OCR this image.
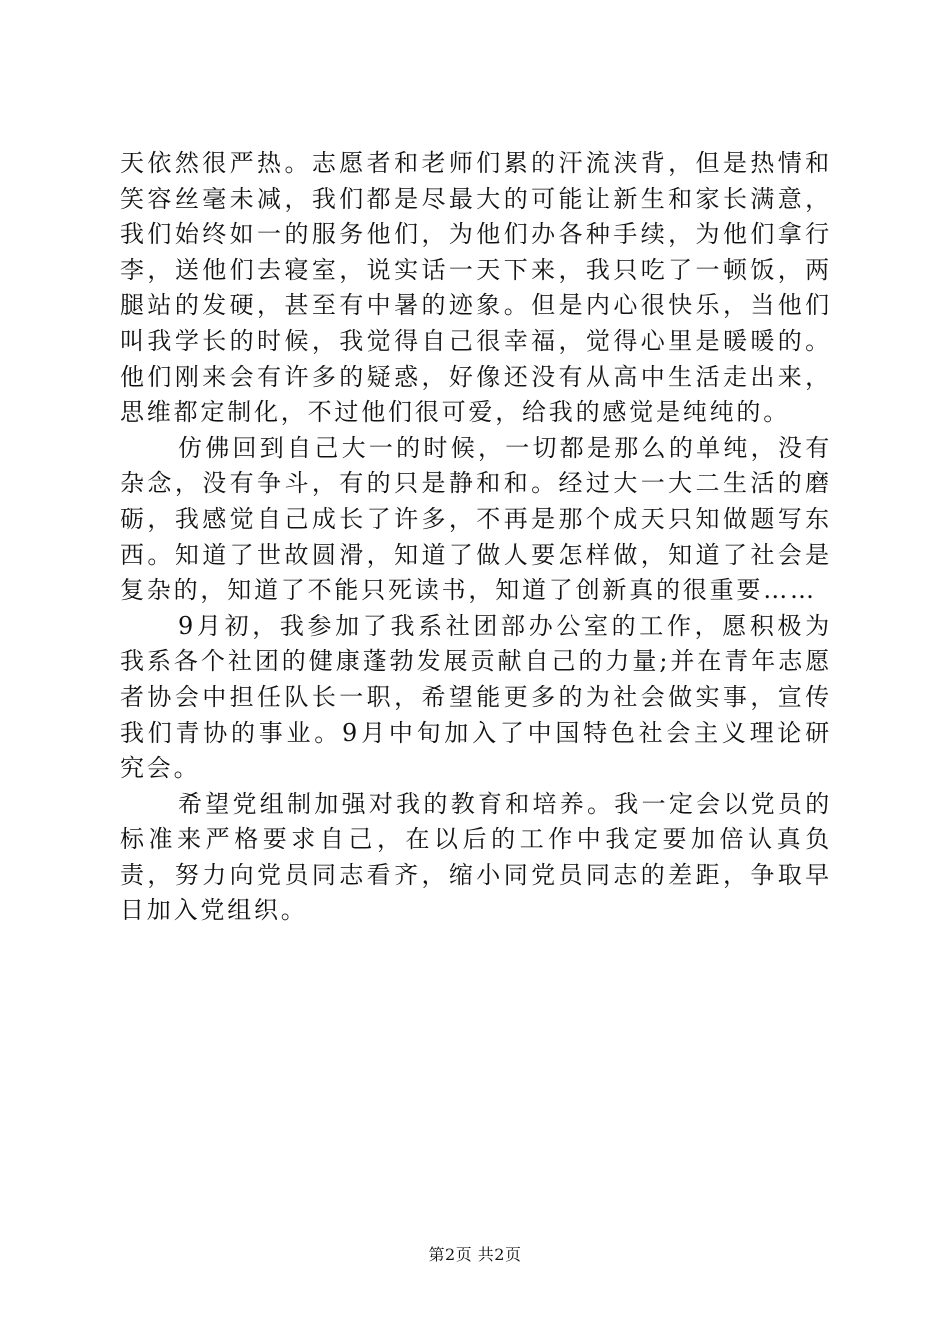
天依然很严热。志愿者和老师们累的汗流浃背，但是热情和笑容丝毫未减，我们都是尽最大的可能让新生和家长满意，我们始终如一的服务他们，为他们办各种手续，为他们拿行李，送他们去寝室，说实话一天下来，我只吃了一顿饭，两腿站的发硬，甚至有中暑的迹象。但是内心很快乐，当他们叫我学长的时候，我觉得自己很幸福，觉得心里是暖暖的。他们刚来会有许多的疑惑，好像还没有从高中生活走出来，思维都定制化，不过他们很可爱，给我的感觉是纯纯的。

仿佛回到自己大一的时候，一切都是那么的单纯，没有杂念，没有争斗，有的只是静和和。经过大一大二生活的磨砺，我感觉自己成长了许多，不再是那个成天只知做题写东西。知道了世故圆滑，知道了做人要怎样做，知道了社会是复杂的，知道了不能只死读书，知道了创新真的很重要……

9月初，我参加了我系社团部办公室的工作，愿积极为我系各个社团的健康蓬勃发展贡献自己的力量;并在青年志愿者协会中担任队长一职，希望能更多的为社会做实事，宣传我们青协的事业。9月中旬加入了中国特色社会主义理论研究会。

希望党组制加强对我的教育和培养。我一定会以党员的标准来严格要求自己，在以后的工作中我定要加倍认真负责，努力向党员同志看齐，缩小同党员同志的差距，争取早日加入党组织。

第2页 共2页
